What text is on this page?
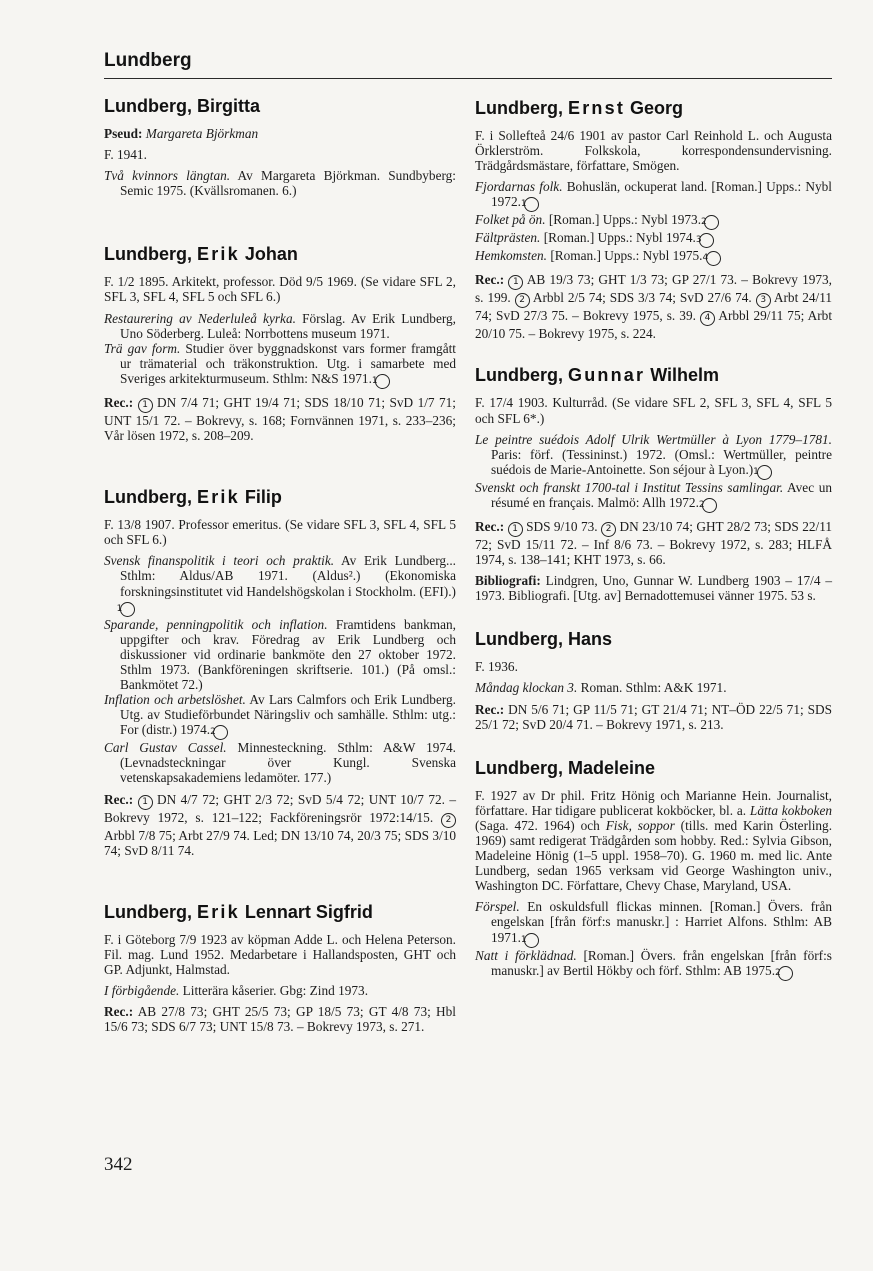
Lundberg
Lundberg, Birgitta

Pseud: Margareta Björkman

F. 1941.

Två kvinnors längtan. Av Margareta Björkman. Sundbyberg: Semic 1975. (Kvällsromanen. 6.)
Lundberg, Erik Johan

F. 1/2 1895. Arkitekt, professor. Död 9/5 1969. (Se vidare SFL 2, SFL 3, SFL 4, SFL 5 och SFL 6.)

Restaurering av Nederluleå kyrka. Förslag. Av Erik Lundberg, Uno Söderberg. Luleå: Norrbottens museum 1971.
Trä gav form. Studier över byggnadskonst vars former framgått ur trämaterial och träkonstruktion. Utg. i samarbete med Sveriges arkitekturmuseum. Sthlm: N&S 1971. 1

Rec.: 1 DN 7/4 71; GHT 19/4 71; SDS 18/10 71; SvD 1/7 71; UNT 15/1 72. – Bokrevy, s. 168; Fornvännen 1971, s. 233–236; Vår lösen 1972, s. 208–209.

Lundberg, Erik Filip

F. 13/8 1907. Professor emeritus. (Se vidare SFL 3, SFL 4, SFL 5 och SFL 6.)

Svensk finanspolitik i teori och praktik. Av Erik Lundberg... Sthlm: Aldus/AB 1971. (Aldus².) (Ekonomiska forskningsinstitutet vid Handelshögskolan i Stockholm. (EFI).) 1
Sparande, penningpolitik och inflation. Framtidens bankman, uppgifter och krav. Föredrag av Erik Lundberg och diskussioner vid ordinarie bankmöte den 27 oktober 1972. Sthlm 1973. (Bankföreningen skriftserie. 101.) (På omsl.: Bankmötet 72.)
Inflation och arbetslöshet. Av Lars Calmfors och Erik Lundberg. Utg. av Studieförbundet Näringsliv och samhälle. Sthlm: utg.: For (distr.) 1974. 2
Carl Gustav Cassel. Minnesteckning. Sthlm: A&W 1974. (Levnadsteckningar över Kungl. Svenska vetenskapsakademiens ledamöter. 177.)

Rec.: 1 DN 4/7 72; GHT 2/3 72; SvD 5/4 72; UNT 10/7 72. – Bokrevy 1972, s. 121–122; Fackföreningsrör 1972:14/15. 2 Arbbl 7/8 75; Arbt 27/9 74. Led; DN 13/10 74, 20/3 75; SDS 3/10 74; SvD 8/11 74.

Lundberg, Erik Lennart Sigfrid

F. i Göteborg 7/9 1923 av köpman Adde L. och Helena Peterson. Fil. mag. Lund 1952. Medarbetare i Hallandsposten, GHT och GP. Adjunkt, Halmstad.

I förbigående. Litterära kåserier. Gbg: Zind 1973.

Rec.: AB 27/8 73; GHT 25/5 73; GP 18/5 73; GT 4/8 73; Hbl 15/6 73; SDS 6/7 73; UNT 15/8 73. – Bokrevy 1973, s. 271.

Lundberg, Ernst Georg

F. i Sollefteå 24/6 1901 av pastor Carl Reinhold L. och Augusta Örklerström. Folkskola, korrespondensundervisning. Trädgårdsmästare, författare, Smögen.

Fjordarnas folk. Bohuslän, ockuperat land. [Roman.] Upps.: Nybl 1972. 1
Folket på ön. [Roman.] Upps.: Nybl 1973. 2
Fältprästen. [Roman.] Upps.: Nybl 1974. 3
Hemkomsten. [Roman.] Upps.: Nybl 1975. 4

Rec.: 1 AB 19/3 73; GHT 1/3 73; GP 27/1 73. – Bokrevy 1973, s. 199. 2 Arbbl 2/5 74; SDS 3/3 74; SvD 27/6 74. 3 Arbt 24/11 74; SvD 27/3 75. – Bokrevy 1975, s. 39. 4 Arbbl 29/11 75; Arbt 20/10 75. – Bokrevy 1975, s. 224.

Lundberg, Gunnar Wilhelm

F. 17/4 1903. Kulturråd. (Se vidare SFL 2, SFL 3, SFL 4, SFL 5 och SFL 6*.)

Le peintre suédois Adolf Ulrik Wertmüller à Lyon 1779–1781. Paris: förf. (Tessininst.) 1972. (Omsl.: Wertmüller, peintre suédois de Marie-Antoinette. Son séjour à Lyon.) 1
Svenskt och franskt 1700-tal i Institut Tessins samlingar. Avec un résumé en français. Malmö: Allh 1972. 2

Rec.: 1 SDS 9/10 73. 2 DN 23/10 74; GHT 28/2 73; SDS 22/11 72; SvD 15/11 72. – Inf 8/6 73. – Bokrevy 1972, s. 283; HLFÅ 1974, s. 138–141; KHT 1973, s. 66.

Bibliografi: Lindgren, Uno, Gunnar W. Lundberg 1903 – 17/4 – 1973. Bibliografi. [Utg. av] Bernadottemusei vänner 1975. 53 s.

Lundberg, Hans

F. 1936.

Måndag klockan 3. Roman. Sthlm: A&K 1971.

Rec.: DN 5/6 71; GP 11/5 71; GT 21/4 71; NT–ÖD 22/5 71; SDS 25/1 72; SvD 20/4 71. – Bokrevy 1971, s. 213.

Lundberg, Madeleine

F. 1927 av Dr phil. Fritz Hönig och Marianne Hein. Journalist, författare. Har tidigare publicerat kokböcker, bl. a. Lätta kokboken (Saga. 472. 1964) och Fisk, soppor (tills. med Karin Österling. 1969) samt redigerat Trädgården som hobby. Red.: Sylvia Gibson, Madeleine Hönig (1–5 uppl. 1958–70). G. 1960 m. med lic. Ante Lundberg, sedan 1965 verksam vid George Washington univ., Washington DC. Författare, Chevy Chase, Maryland, USA.

Förspel. En oskuldsfull flickas minnen. [Roman.] Övers. från engelskan [från förf:s manuskr.] : Harriet Alfons. Sthlm: AB 1971. 1
Natt i förklädnad. [Roman.] Övers. från engelskan [från förf:s manuskr.] av Bertil Hökby och förf. Sthlm: AB 1975. 2
342
